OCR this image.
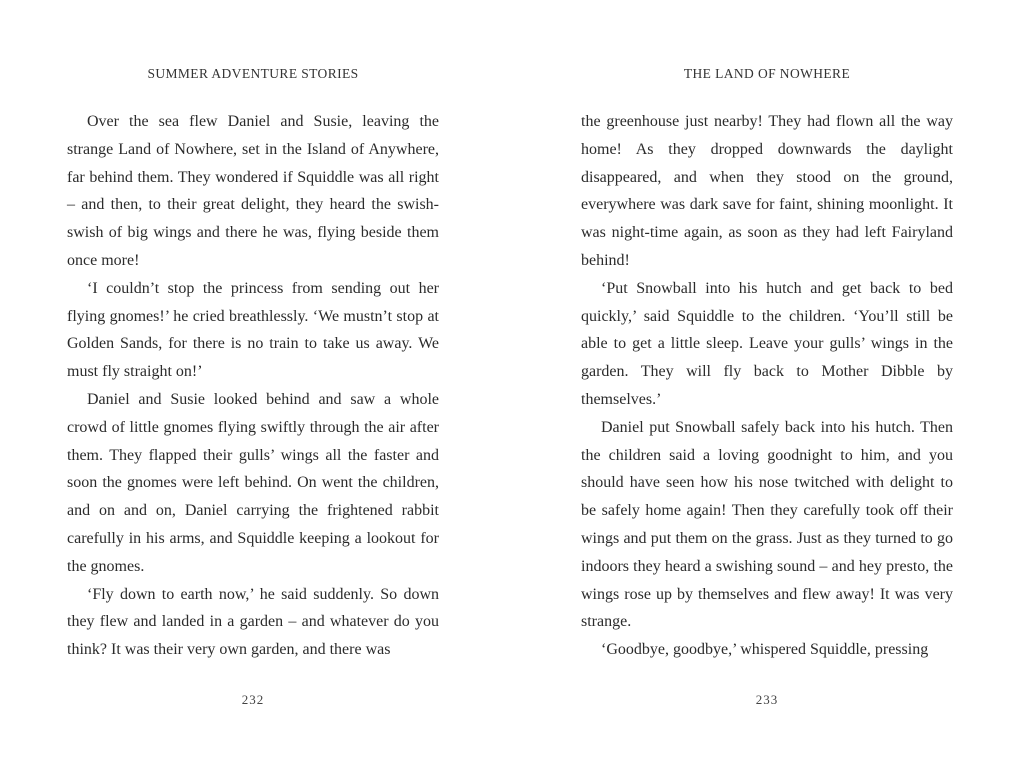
SUMMER ADVENTURE STORIES

Over the sea flew Daniel and Susie, leaving the strange Land of Nowhere, set in the Island of Anywhere, far behind them. They wondered if Squiddle was all right – and then, to their great delight, they heard the swish-swish of big wings and there he was, flying beside them once more!

‘I couldn’t stop the princess from sending out her flying gnomes!’ he cried breathlessly. ‘We mustn’t stop at Golden Sands, for there is no train to take us away. We must fly straight on!’

Daniel and Susie looked behind and saw a whole crowd of little gnomes flying swiftly through the air after them. They flapped their gulls’ wings all the faster and soon the gnomes were left behind. On went the children, and on and on, Daniel carrying the frightened rabbit carefully in his arms, and Squiddle keeping a lookout for the gnomes.

‘Fly down to earth now,’ he said suddenly. So down they flew and landed in a garden – and whatever do you think? It was their very own garden, and there was

232
THE LAND OF NOWHERE

the greenhouse just nearby! They had flown all the way home! As they dropped downwards the daylight disappeared, and when they stood on the ground, everywhere was dark save for faint, shining moonlight. It was night-time again, as soon as they had left Fairyland behind!

‘Put Snowball into his hutch and get back to bed quickly,’ said Squiddle to the children. ‘You’ll still be able to get a little sleep. Leave your gulls’ wings in the garden. They will fly back to Mother Dibble by themselves.’

Daniel put Snowball safely back into his hutch. Then the children said a loving goodnight to him, and you should have seen how his nose twitched with delight to be safely home again! Then they carefully took off their wings and put them on the grass. Just as they turned to go indoors they heard a swishing sound – and hey presto, the wings rose up by themselves and flew away! It was very strange.

‘Goodbye, goodbye,’ whispered Squiddle, pressing

233
